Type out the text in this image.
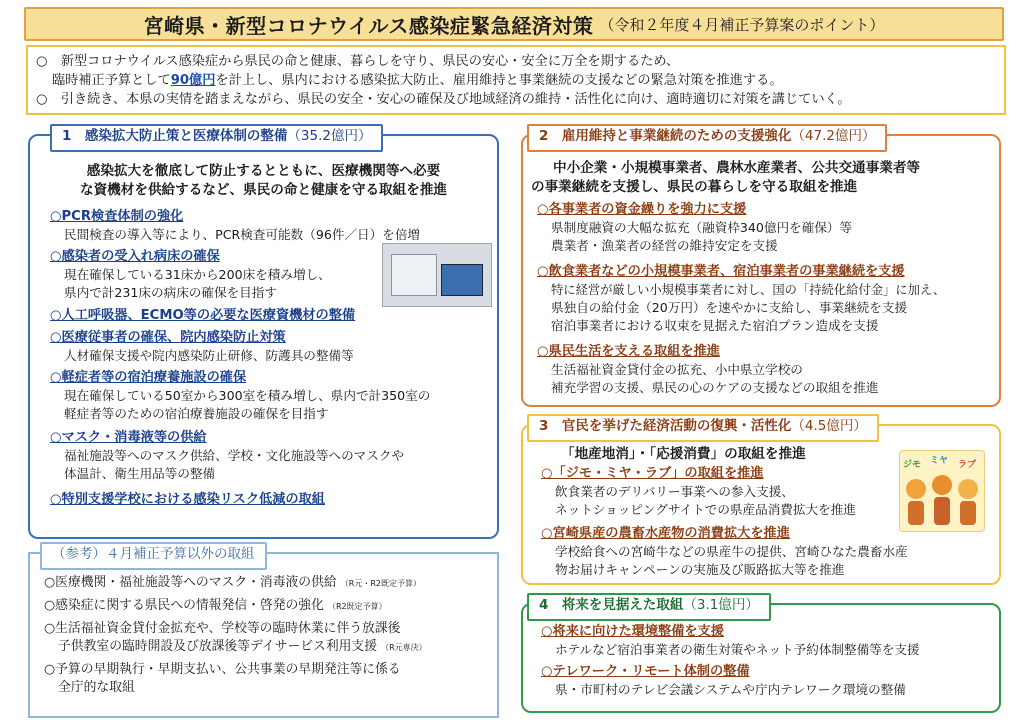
宮崎県・新型コロナウイルス感染症緊急経済対策 （令和２年度４月補正予算案のポイント）

○　新型コロナウイルス感染症から県民の命と健康、暮らしを守り、県民の安心・安全に万全を期するため、

臨時補正予算として90億円を計上し、県内における感染拡大防止、雇用維持と事業継続の支援などの緊急対策を推進する。

○　引き続き、本県の実情を踏まえながら、県民の安全・安心の確保及び地域経済の維持・活性化に向け、適時適切に対策を講じていく。

1　感染拡大防止策と医療体制の整備（35.2億円）
感染拡大を徹底して防止するとともに、医療機関等へ必要
な資機材を供給するなど、県民の命と健康を守る取組を推進
○PCR検査体制の強化
民間検査の導入等により、PCR検査可能数（96件／日）を倍増
○感染者の受入れ病床の確保
現在確保している31床から200床を積み増し、
県内で計231床の病床の確保を目指す
○人工呼吸器、ECMO等の必要な医療資機材の整備
○医療従事者の確保、院内感染防止対策
人材確保支援や院内感染防止研修、防護具の整備等
○軽症者等の宿泊療養施設の確保
現在確保している50室から300室を積み増し、県内で計350室の
軽症者等のための宿泊療養施設の確保を目指す
○マスク・消毒液等の供給
福祉施設等へのマスク供給、学校・文化施設等へのマスクや
体温計、衛生用品等の整備
○特別支援学校における感染リスク低減の取組
（参考）４月補正予算以外の取組
○医療機関・福祉施設等へのマスク・消毒液の供給 （R元・R2既定予算）
○感染症に関する県民への情報発信・啓発の強化 （R2既定予算）
○生活福祉資金貸付金拡充や、学校等の臨時休業に伴う放課後
子供教室の臨時開設及び放課後等デイサービス利用支援 （R元専決）
○予算の早期執行・早期支払い、公共事業の早期発注等に係る
全庁的な取組
2　雇用維持と事業継続のための支援強化（47.2億円）
中小企業・小規模事業者、農林水産業者、公共交通事業者等
の事業継続を支援し、県民の暮らしを守る取組を推進
○各事業者の資金繰りを強力に支援
県制度融資の大幅な拡充（融資枠340億円を確保）等
農業者・漁業者の経営の維持安定を支援
○飲食業者などの小規模事業者、宿泊事業者の事業継続を支援
特に経営が厳しい小規模事業者に対し、国の「持続化給付金」に加え、
県独自の給付金（20万円）を速やかに支給し、事業継続を支援
宿泊事業者における収束を見据えた宿泊プラン造成を支援
○県民生活を支える取組を推進
生活福祉資金貸付金の拡充、小中県立学校の
補充学習の支援、県民の心のケアの支援などの取組を推進
3　官民を挙げた経済活動の復興・活性化（4.5億円）
「地産地消」・「応援消費」の取組を推進
○「ジモ・ミヤ・ラブ」の取組を推進
飲食業者のデリバリー事業への参入支援、
ネットショッピングサイトでの県産品消費拡大を推進
○宮崎県産の農畜水産物の消費拡大を推進
学校給食への宮崎牛などの県産牛の提供、宮崎ひなた農畜水産
物お届けキャンペーンの実施及び販路拡大等を推進
ジモ ミヤ ラブ
4　将来を見据えた取組（3.1億円）
○将来に向けた環境整備を支援
ホテルなど宿泊事業者の衛生対策やネット予約体制整備等を支援
○テレワーク・リモート体制の整備
県・市町村のテレビ会議システムや庁内テレワーク環境の整備
